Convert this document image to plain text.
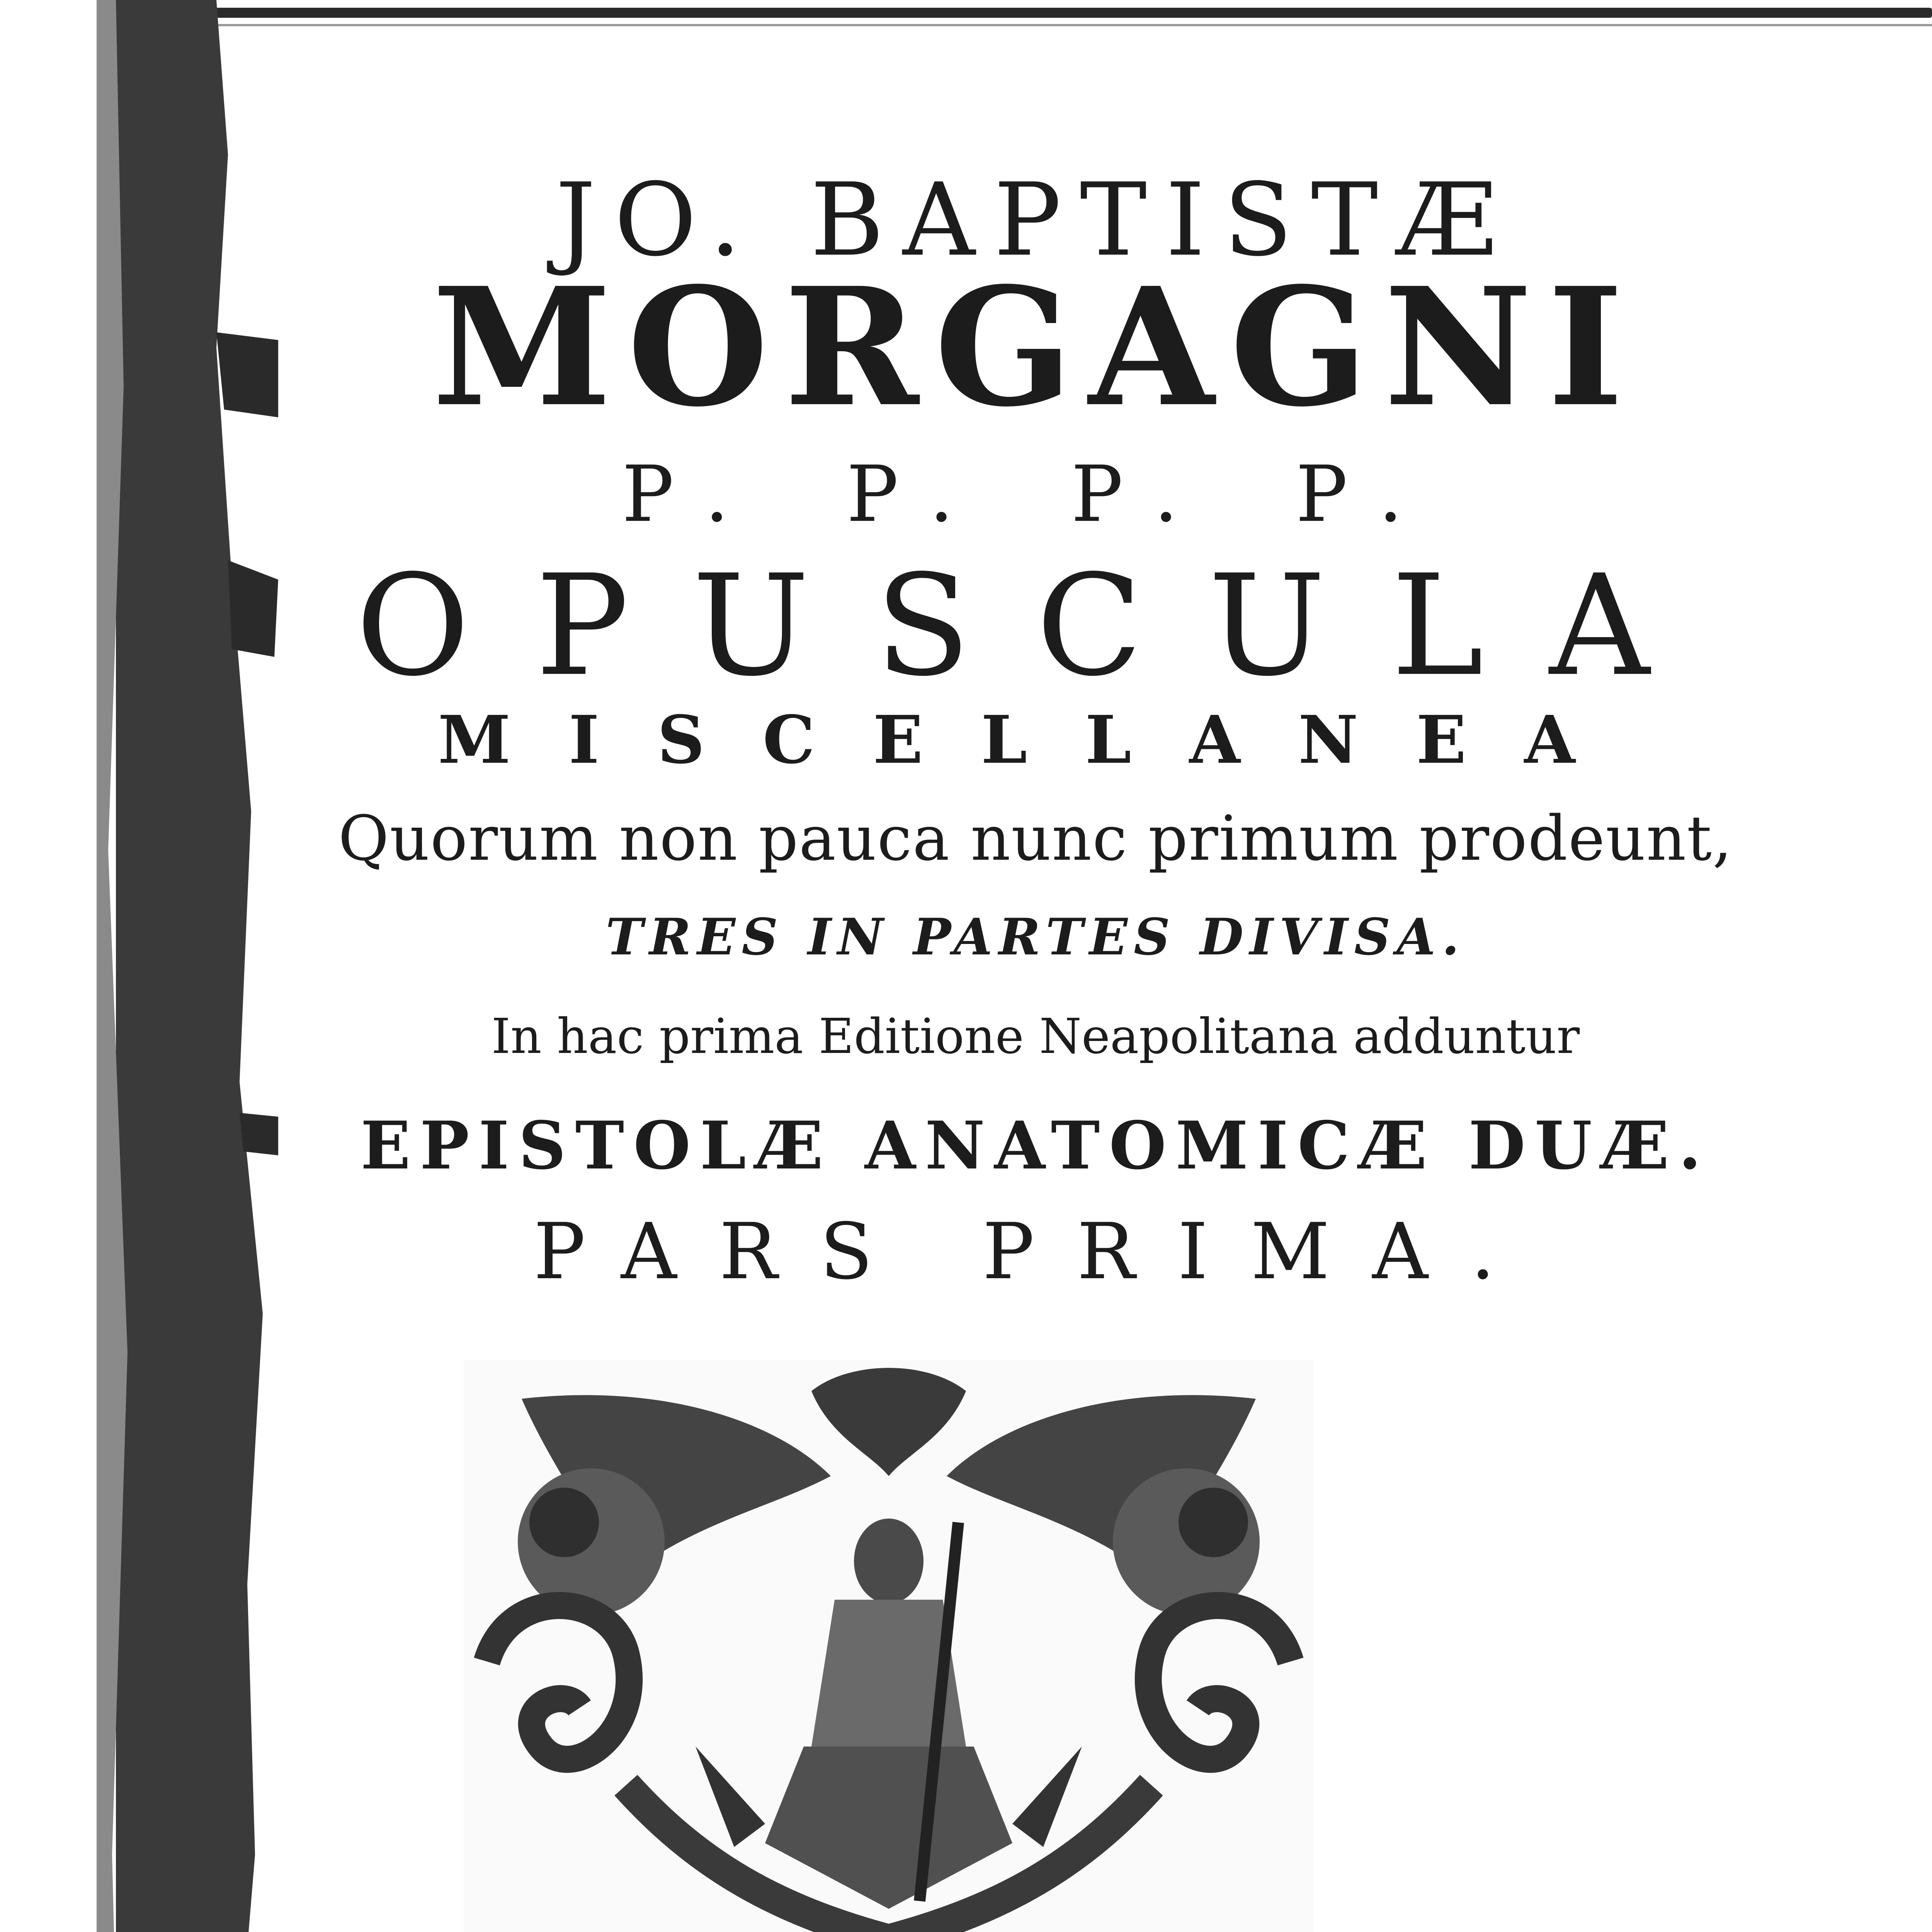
JO. BAPTISTÆ
MORGAGNI
P. P. P. P.
OPUSCULA
MISCELLANEA
Quorum non pauca nunc primum prodeunt,
TRES IN PARTES DIVISA.
In hac prima Editione Neapolitana adduntur
EPISTOLÆ ANATOMICÆ DUÆ.
PARS PRIMA.
